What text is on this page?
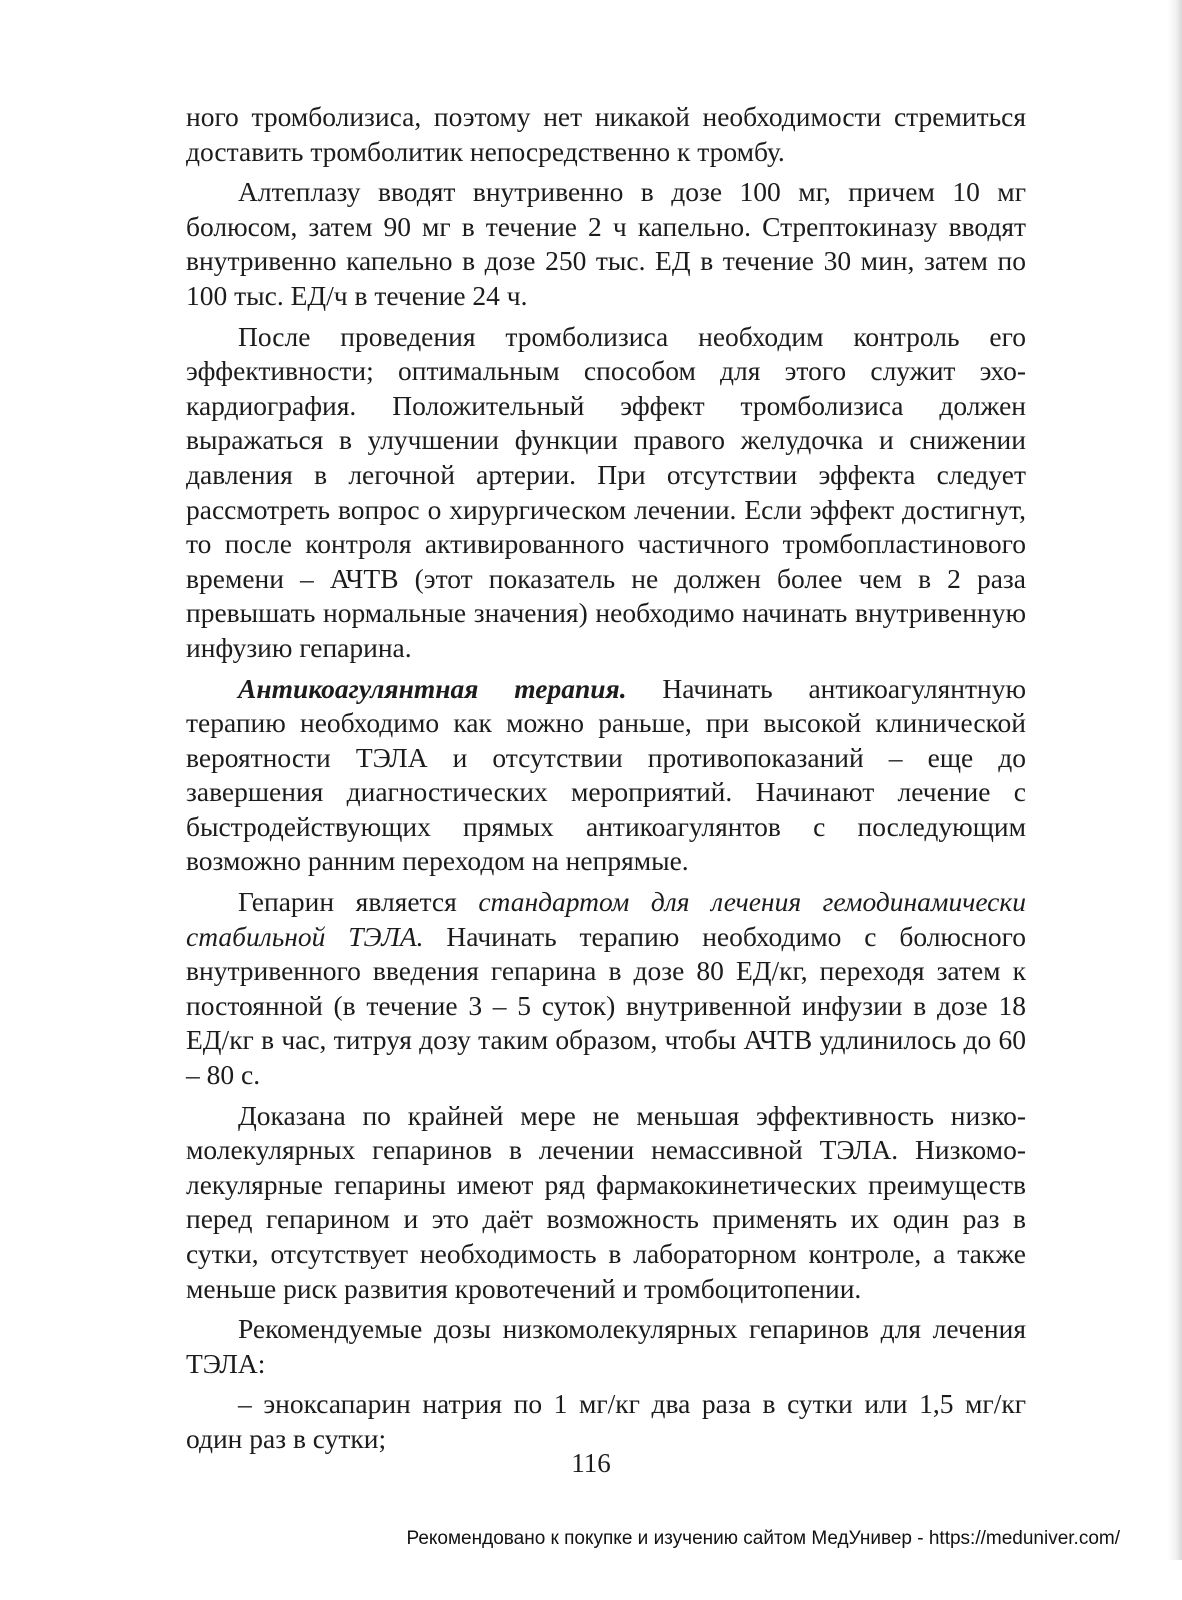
ного тромболизиса, поэтому нет никакой необходимости стремиться доставить тромболитик непосредственно к тромбу.

Алтеплазу вводят внутривенно в дозе 100 мг, причем 10 мг болюсом, затем 90 мг в течение 2 ч капельно. Стрептокиназу вводят внутривенно капельно в дозе 250 тыс. ЕД в течение 30 мин, затем по 100 тыс. ЕД/ч в течение 24 ч.

После проведения тромболизиса необходим контроль его эффективности; оптимальным способом для этого служит эхокардиография. Положительный эффект тромболизиса должен выражаться в улучшении функции правого желудочка и снижении давления в легочной артерии. При отсутствии эффекта следует рассмотреть вопрос о хирургическом лечении. Если эффект достигнут, то после контроля активированного частичного тромбопластинового времени – АЧТВ (этот показатель не должен более чем в 2 раза превышать нормальные значения) необходимо начинать внутривенную инфузию гепарина.

Антикоагулянтная терапия. Начинать антикоагулянтную терапию необходимо как можно раньше, при высокой клинической вероятности ТЭЛА и отсутствии противопоказаний – еще до завершения диагностических мероприятий. Начинают лечение с быстродействующих прямых антикоагулянтов с последующим возможно ранним переходом на непрямые.

Гепарин является стандартом для лечения гемодинамически стабильной ТЭЛА. Начинать терапию необходимо с болюсного внутривенного введения гепарина в дозе 80 ЕД/кг, переходя затем к постоянной (в течение 3 – 5 суток) внутривенной инфузии в дозе 18 ЕД/кг в час, титруя дозу таким образом, чтобы АЧТВ удлинилось до 60 – 80 с.

Доказана по крайней мере не меньшая эффективность низкомолекулярных гепаринов в лечении немассивной ТЭЛА. Низкомолекулярные гепарины имеют ряд фармакокинетических преимуществ перед гепарином и это даёт возможность применять их один раз в сутки, отсутствует необходимость в лабораторном контроле, а также меньше риск развития кровотечений и тромбоцитопении.

Рекомендуемые дозы низкомолекулярных гепаринов для лечения ТЭЛА:

– эноксапарин натрия по 1 мг/кг два раза в сутки или 1,5 мг/кг один раз в сутки;

116
Рекомендовано к покупке и изучению сайтом МедУнивер - https://meduniver.com/
